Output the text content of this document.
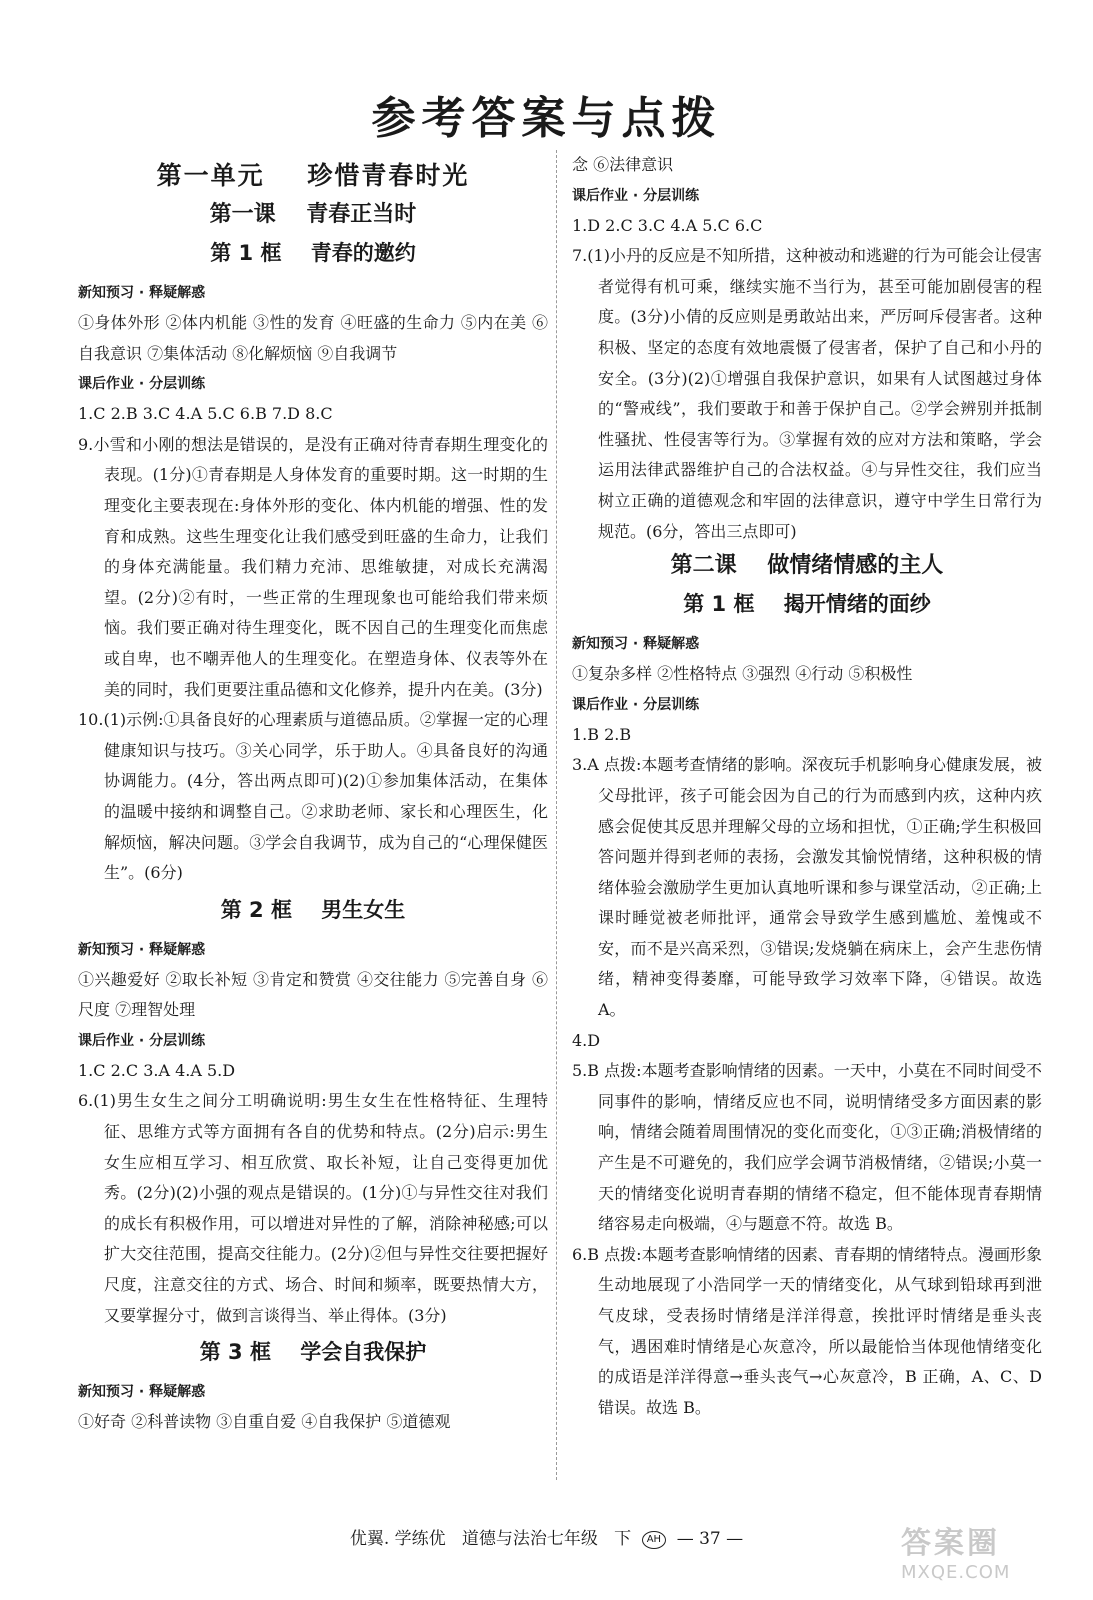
参考答案与点拨
第一单元    珍惜青春时光
第一课    青春正当时
第 1 框    青春的邀约
新知预习 · 释疑解惑
①身体外形 ②体内机能 ③性的发育 ④旺盛的生命力 ⑤内在美 ⑥自我意识 ⑦集体活动 ⑧化解烦恼 ⑨自我调节
课后作业 · 分层训练
1.C 2.B 3.C 4.A 5.C 6.B 7.D 8.C
9.小雪和小刚的想法是错误的，是没有正确对待青春期生理变化的表现。(1分)①青春期是人身体发育的重要时期。这一时期的生理变化主要表现在:身体外形的变化、体内机能的增强、性的发育和成熟。这些生理变化让我们感受到旺盛的生命力，让我们的身体充满能量。我们精力充沛、思维敏捷，对成长充满渴望。(2分)②有时，一些正常的生理现象也可能给我们带来烦恼。我们要正确对待生理变化，既不因自己的生理变化而焦虑或自卑，也不嘲弄他人的生理变化。在塑造身体、仪表等外在美的同时，我们更要注重品德和文化修养，提升内在美。(3分)
10.(1)示例:①具备良好的心理素质与道德品质。②掌握一定的心理健康知识与技巧。③关心同学，乐于助人。④具备良好的沟通协调能力。(4分，答出两点即可)(2)①参加集体活动，在集体的温暖中接纳和调整自己。②求助老师、家长和心理医生，化解烦恼，解决问题。③学会自我调节，成为自己的“心理保健医生”。(6分)
第 2 框    男生女生
新知预习 · 释疑解惑
①兴趣爱好 ②取长补短 ③肯定和赞赏 ④交往能力 ⑤完善自身 ⑥尺度 ⑦理智处理
课后作业 · 分层训练
1.C 2.C 3.A 4.A 5.D
6.(1)男生女生之间分工明确说明:男生女生在性格特征、生理特征、思维方式等方面拥有各自的优势和特点。(2分)启示:男生女生应相互学习、相互欣赏、取长补短，让自己变得更加优秀。(2分)(2)小强的观点是错误的。(1分)①与异性交往对我们的成长有积极作用，可以增进对异性的了解，消除神秘感;可以扩大交往范围，提高交往能力。(2分)②但与异性交往要把握好尺度，注意交往的方式、场合、时间和频率，既要热情大方，又要掌握分寸，做到言谈得当、举止得体。(3分)
第 3 框    学会自我保护
新知预习 · 释疑解惑
①好奇 ②科普读物 ③自重自爱 ④自我保护 ⑤道德观
念 ⑥法律意识
课后作业 · 分层训练
1.D 2.C 3.C 4.A 5.C 6.C
7.(1)小丹的反应是不知所措，这种被动和逃避的行为可能会让侵害者觉得有机可乘，继续实施不当行为，甚至可能加剧侵害的程度。(3分)小倩的反应则是勇敢站出来，严厉呵斥侵害者。这种积极、坚定的态度有效地震慑了侵害者，保护了自己和小丹的安全。(3分)(2)①增强自我保护意识，如果有人试图越过身体的“警戒线”，我们要敢于和善于保护自己。②学会辨别并抵制性骚扰、性侵害等行为。③掌握有效的应对方法和策略，学会运用法律武器维护自己的合法权益。④与异性交往，我们应当树立正确的道德观念和牢固的法律意识，遵守中学生日常行为规范。(6分，答出三点即可)
第二课    做情绪情感的主人
第 1 框    揭开情绪的面纱
新知预习 · 释疑解惑
①复杂多样 ②性格特点 ③强烈 ④行动 ⑤积极性
课后作业 · 分层训练
1.B 2.B
3.A 点拨:本题考查情绪的影响。深夜玩手机影响身心健康发展，被父母批评，孩子可能会因为自己的行为而感到内疚，这种内疚感会促使其反思并理解父母的立场和担忧，①正确;学生积极回答问题并得到老师的表扬，会激发其愉悦情绪，这种积极的情绪体验会激励学生更加认真地听课和参与课堂活动，②正确;上课时睡觉被老师批评，通常会导致学生感到尴尬、羞愧或不安，而不是兴高采烈，③错误;发烧躺在病床上，会产生悲伤情绪，精神变得萎靡，可能导致学习效率下降，④错误。故选 A。
4.D
5.B 点拨:本题考查影响情绪的因素。一天中，小莫在不同时间受不同事件的影响，情绪反应也不同，说明情绪受多方面因素的影响，情绪会随着周围情况的变化而变化，①③正确;消极情绪的产生是不可避免的，我们应学会调节消极情绪，②错误;小莫一天的情绪变化说明青春期的情绪不稳定，但不能体现青春期情绪容易走向极端，④与题意不符。故选 B。
6.B 点拨:本题考查影响情绪的因素、青春期的情绪特点。漫画形象生动地展现了小浩同学一天的情绪变化，从气球到铅球再到泄气皮球，受表扬时情绪是洋洋得意，挨批评时情绪是垂头丧气，遇困难时情绪是心灰意冷，所以最能恰当体现他情绪变化的成语是洋洋得意→垂头丧气→心灰意冷，B 正确，A、C、D 错误。故选 B。
优翼. 学练优 道德与法治七年级 下 AH — 37 —	答案圈
MXQE.COM
